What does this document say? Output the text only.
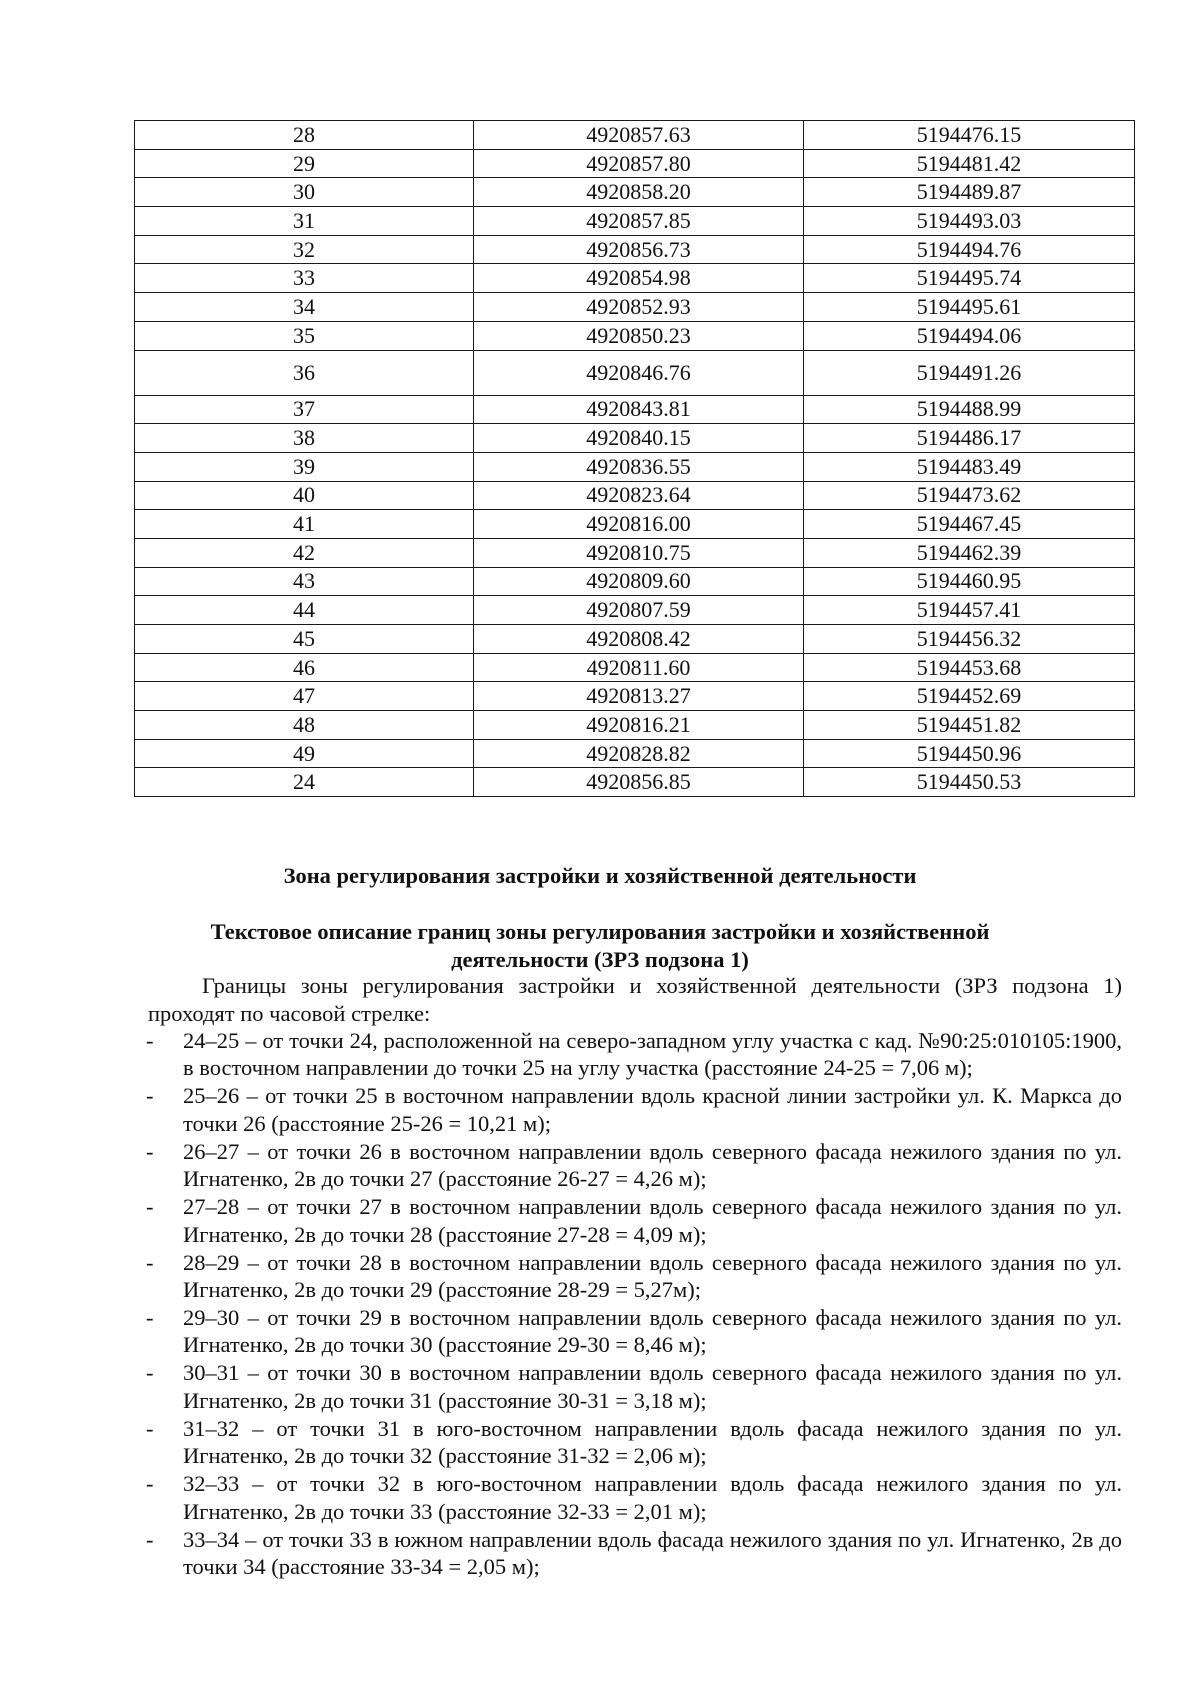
28	4920857.63	5194476.15
29	4920857.80	5194481.42
30	4920858.20	5194489.87
31	4920857.85	5194493.03
32	4920856.73	5194494.76
33	4920854.98	5194495.74
34	4920852.93	5194495.61
35	4920850.23	5194494.06
36	4920846.76	5194491.26
37	4920843.81	5194488.99
38	4920840.15	5194486.17
39	4920836.55	5194483.49
40	4920823.64	5194473.62
41	4920816.00	5194467.45
42	4920810.75	5194462.39
43	4920809.60	5194460.95
44	4920807.59	5194457.41
45	4920808.42	5194456.32
46	4920811.60	5194453.68
47	4920813.27	5194452.69
48	4920816.21	5194451.82
49	4920828.82	5194450.96
24	4920856.85	5194450.53
Зона регулирования застройки и хозяйственной деятельности
Текстовое описание границ зоны регулирования застройки и хозяйственной
деятельности (ЗРЗ подзона 1)

Границы зоны регулирования застройки и хозяйственной деятельности (ЗРЗ подзона 1) проходят по часовой стрелке:

- 24–25 – от точки 24, расположенной на северо-западном углу участка с кад. №90:25:010105:1900, в восточном направлении до точки 25 на углу участка (расстояние 24-25 = 7,06 м);
- 25–26 – от точки 25 в восточном направлении вдоль красной линии застройки ул. К. Маркса до точки 26 (расстояние 25-26 = 10,21 м);
- 26–27 – от точки 26 в восточном направлении вдоль северного фасада нежилого здания по ул. Игнатенко, 2в до точки 27 (расстояние 26-27 = 4,26 м);
- 27–28 – от точки 27 в восточном направлении вдоль северного фасада нежилого здания по ул. Игнатенко, 2в до точки 28 (расстояние 27-28 = 4,09 м);
- 28–29 – от точки 28 в восточном направлении вдоль северного фасада нежилого здания по ул. Игнатенко, 2в до точки 29 (расстояние 28-29 = 5,27м);
- 29–30 – от точки 29 в восточном направлении вдоль северного фасада нежилого здания по ул. Игнатенко, 2в до точки 30 (расстояние 29-30 = 8,46 м);
- 30–31 – от точки 30 в восточном направлении вдоль северного фасада нежилого здания по ул. Игнатенко, 2в до точки 31 (расстояние 30-31 = 3,18 м);
- 31–32 – от точки 31 в юго-восточном направлении вдоль фасада нежилого здания по ул. Игнатенко, 2в до точки 32 (расстояние 31-32 = 2,06 м);
- 32–33 – от точки 32 в юго-восточном направлении вдоль фасада нежилого здания по ул. Игнатенко, 2в до точки 33 (расстояние 32-33 = 2,01 м);
- 33–34 – от точки 33 в южном направлении вдоль фасада нежилого здания по ул. Игнатенко, 2в до точки 34 (расстояние 33-34 = 2,05 м);
